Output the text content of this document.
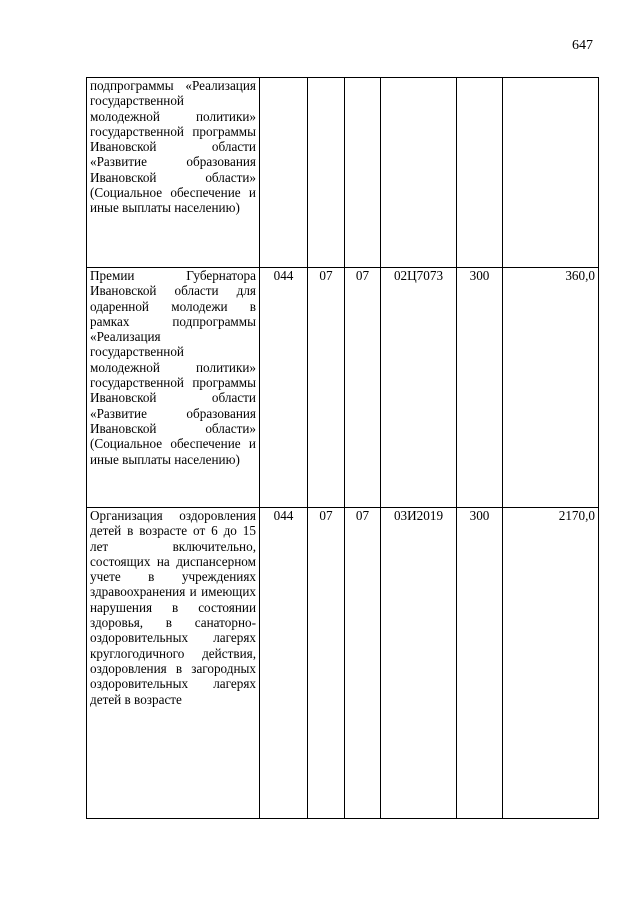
647
подпрограммы «Реализация государственной молодежной политики» государственной программы Ивановской области «Развитие образования Ивановской области» (Социальное обеспечение и иные выплаты населению)						
Премии Губернатора Ивановской области для одаренной молодежи в рамках подпрограммы «Реализация государственной молодежной политики» государственной программы Ивановской области «Развитие образования Ивановской области» (Социальное обеспечение и иные выплаты населению)	044	07	07	02Ц7073	300	360,0
Организация оздоровления детей в возрасте от 6 до 15 лет включительно, состоящих на диспансерном учете в учреждениях здравоохранения и имеющих нарушения в состоянии здоровья, в санаторно-оздоровительных лагерях круглогодичного действия, оздоровления в загородных оздоровительных лагерях детей в возрасте	044	07	07	03И2019	300	2170,0
